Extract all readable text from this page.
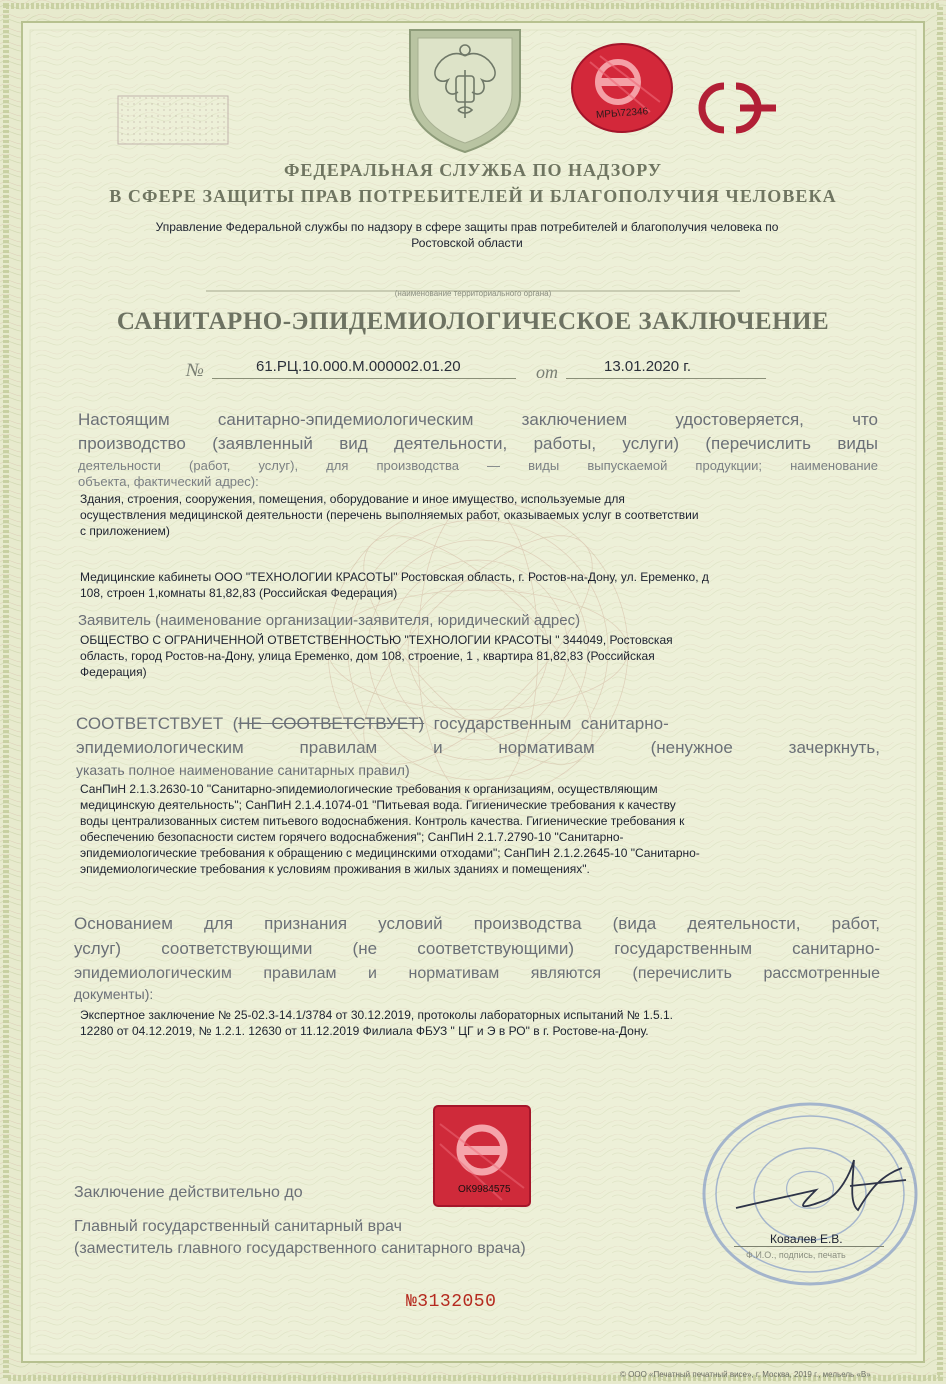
МРЬ\72346
ФЕДЕРАЛЬНАЯ СЛУЖБА ПО НАДЗОРУ
В СФЕРЕ ЗАЩИТЫ ПРАВ ПОТРЕБИТЕЛЕЙ И БЛАГОПОЛУЧИЯ ЧЕЛОВЕКА
Управление Федеральной службы по надзору в сфере защиты прав потребителей и благополучия человека по
Ростовской области
(наименование территориального органа)
САНИТАРНО-ЭПИДЕМИОЛОГИЧЕСКОЕ ЗАКЛЮЧЕНИЕ
№	61.РЦ.10.000.М.000002.01.20	от	13.01.2020 г.
Настоящим санитарно-эпидемиологическим заключением удостоверяется, что
производство (заявленный вид деятельности, работы, услуги) (перечислить виды
деятельности (работ, услуг), для производства — виды выпускаемой продукции; наименование
объекта, фактический адрес):
Здания, строения, сооружения, помещения, оборудование и иное имущество, используемые для
осуществления медицинской деятельности (перечень выполняемых работ, оказываемых услуг в соответствии
с приложением)
Медицинские кабинеты ООО "ТЕХНОЛОГИИ КРАСОТЫ" Ростовская область, г. Ростов-на-Дону, ул. Еременко, д
108, строен 1,комнаты 81,82,83 (Российская Федерация)
Заявитель (наименование организации-заявителя, юридический адрес)
ОБЩЕСТВО С ОГРАНИЧЕННОЙ ОТВЕТСТВЕННОСТЬЮ "ТЕХНОЛОГИИ КРАСОТЫ " 344049, Ростовская
область, город Ростов-на-Дону, улица Еременко, дом 108, строение, 1 , квартира 81,82,83 (Российская
Федерация)
СООТВЕТСТВУЕТ  (НЕ  СООТВЕТСТВУЕТ)  государственным  санитарно-
эпидемиологическим правилам и нормативам (ненужное зачеркнуть,
указать полное наименование санитарных правил)
СанПиН 2.1.3.2630-10 "Санитарно-эпидемиологические требования к организациям, осуществляющим
медицинскую деятельность"; СанПиН 2.1.4.1074-01 "Питьевая вода. Гигиенические требования к качеству
воды централизованных систем питьевого водоснабжения. Контроль качества. Гигиенические требования к
обеспечению безопасности систем горячего водоснабжения"; СанПиН 2.1.7.2790-10 "Санитарно-
эпидемиологические требования к обращению с медицинскими отходами"; СанПиН 2.1.2.2645-10 "Санитарно-
эпидемиологические требования к условиям проживания в жилых зданиях и помещениях".
Основанием для признания условий производства (вида деятельности, работ,
услуг) соответствующими (не соответствующими) государственным санитарно-
эпидемиологическим правилам и нормативам являются (перечислить рассмотренные
документы):
Экспертное заключение № 25-02.3-14.1/3784 от 30.12.2019, протоколы лабораторных испытаний № 1.5.1.
12280 от 04.12.2019, № 1.2.1. 12630 от 11.12.2019 Филиала ФБУЗ " ЦГ и Э в РО" в г. Ростове-на-Дону.
ОК9984575
Заключение действительно до
Главный государственный санитарный врач
(заместитель главного государственного санитарного врача)
Ковалев Е.В.
Ф.И.О., подпись, печать
№3132050
© ООО «Печатный печатный висе», г. Москва, 2019 г., мельель «В»
